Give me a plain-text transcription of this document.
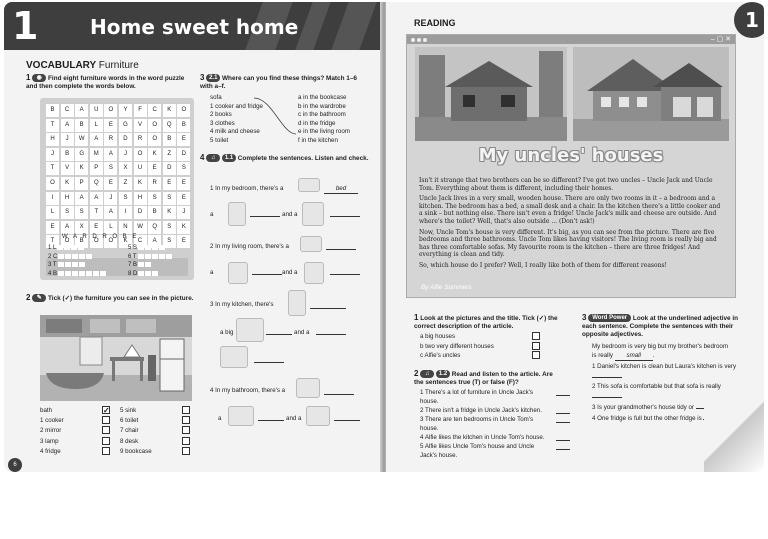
1	Home sweet home
VOCABULARY Furniture
1 ◉ Find eight furniture words in the word puzzle and then complete the words below.
B	C	A	U	O	Y	F	C	K	O
T	A	B	L	E	G	V	O	Q	B
H	J	W	A	R	D	R	O	B	E
J	B	G	M	A	J	O	K	Z	D
T	V	K	P	S	X	U	E	D	S
O	K	P	Q	E	Z	K	R	E	E
I	H	A	A	J	S	H	S	S	E
L	S	S	T	A	I	D	B	K	J
E	A	X	E	L	N	W	Q	S	K
T	O	B	O	O	K	C	A	S	E
W A R D R O B E
1 L
2 C
3 T
4 B
5 S
6 T
7 B
8 D
2 ✎ Tick (✓) the furniture you can see in the picture.
bath	✓
1 cooker
2 mirror
3 lamp
4 fridge
5 sink
6 toilet
7 chair
8 desk
9 bookcase
3 2.1 Where can you find these things? Match 1–6 with a–f.
sofa
1 cooker and fridge
2 books
3 clothes
4 milk and cheese
5 toilet
a in the bookcase
b in the wardrobe
c in the bathroom
d in the fridge
e in the living room
f in the kitchen
4 ♫ 1.1 Complete the sentences. Listen and check.
1 In my bedroom, there's a	bed
a	and a
2 In my living room, there's a
a	and a
3 In my kitchen, there's
a big	and a
4 In my bathroom, there's a
a	and a
6
READING	1
– ▢ ✕
My uncles' houses

Isn't it strange that two brothers can be so different? I've got two uncles – Uncle Jack and Uncle Tom. Everything about them is different, including their homes.

Uncle Jack lives in a very small, wooden house. There are only two rooms in it – a bedroom and a kitchen. The bedroom has a bed, a small desk and a chair. In the kitchen there's a little cooker and a sink – but nothing else. There isn't even a fridge! Uncle Jack's milk and cheese are outside. And where's the toilet? Well, that's also outside ... (Don't ask!)

Now, Uncle Tom's house is very different. It's big, as you can see from the picture. There are five bedrooms and three bathrooms. Uncle Tom likes having visitors! The living room is really big and has three comfortable sofas. My favourite room is the kitchen – there are three fridges! And everything is clean and tidy.

So, which house do I prefer? Well, I really like both of them for different reasons!

By Alfie Summers
1 Look at the pictures and the title. Tick (✓) the correct description of the article.
a big houses
b two very different houses
c Alfie's uncles
2 ♫ 1.2 Read and listen to the article. Are the sentences true (T) or false (F)?
1 There's a lot of furniture in Uncle Jack's house.
2 There isn't a fridge in Uncle Jack's kitchen.
3 There are ten bedrooms in Uncle Tom's house.
4 Alfie likes the kitchen in Uncle Tom's house.
5 Alfie likes Uncle Tom's house and Uncle Jack's house.
3 Word Power Look at the underlined adjective in each sentence. Complete the sentences with their opposite adjectives.
My bedroom is very big but my brother's bedroom is really small .
1 Daniel's kitchen is clean but Laura's kitchen is very
2 This sofa is comfortable but that sofa is really
3 Is your grandmother's house tidy or
4 One fridge is full but the other fridge is
